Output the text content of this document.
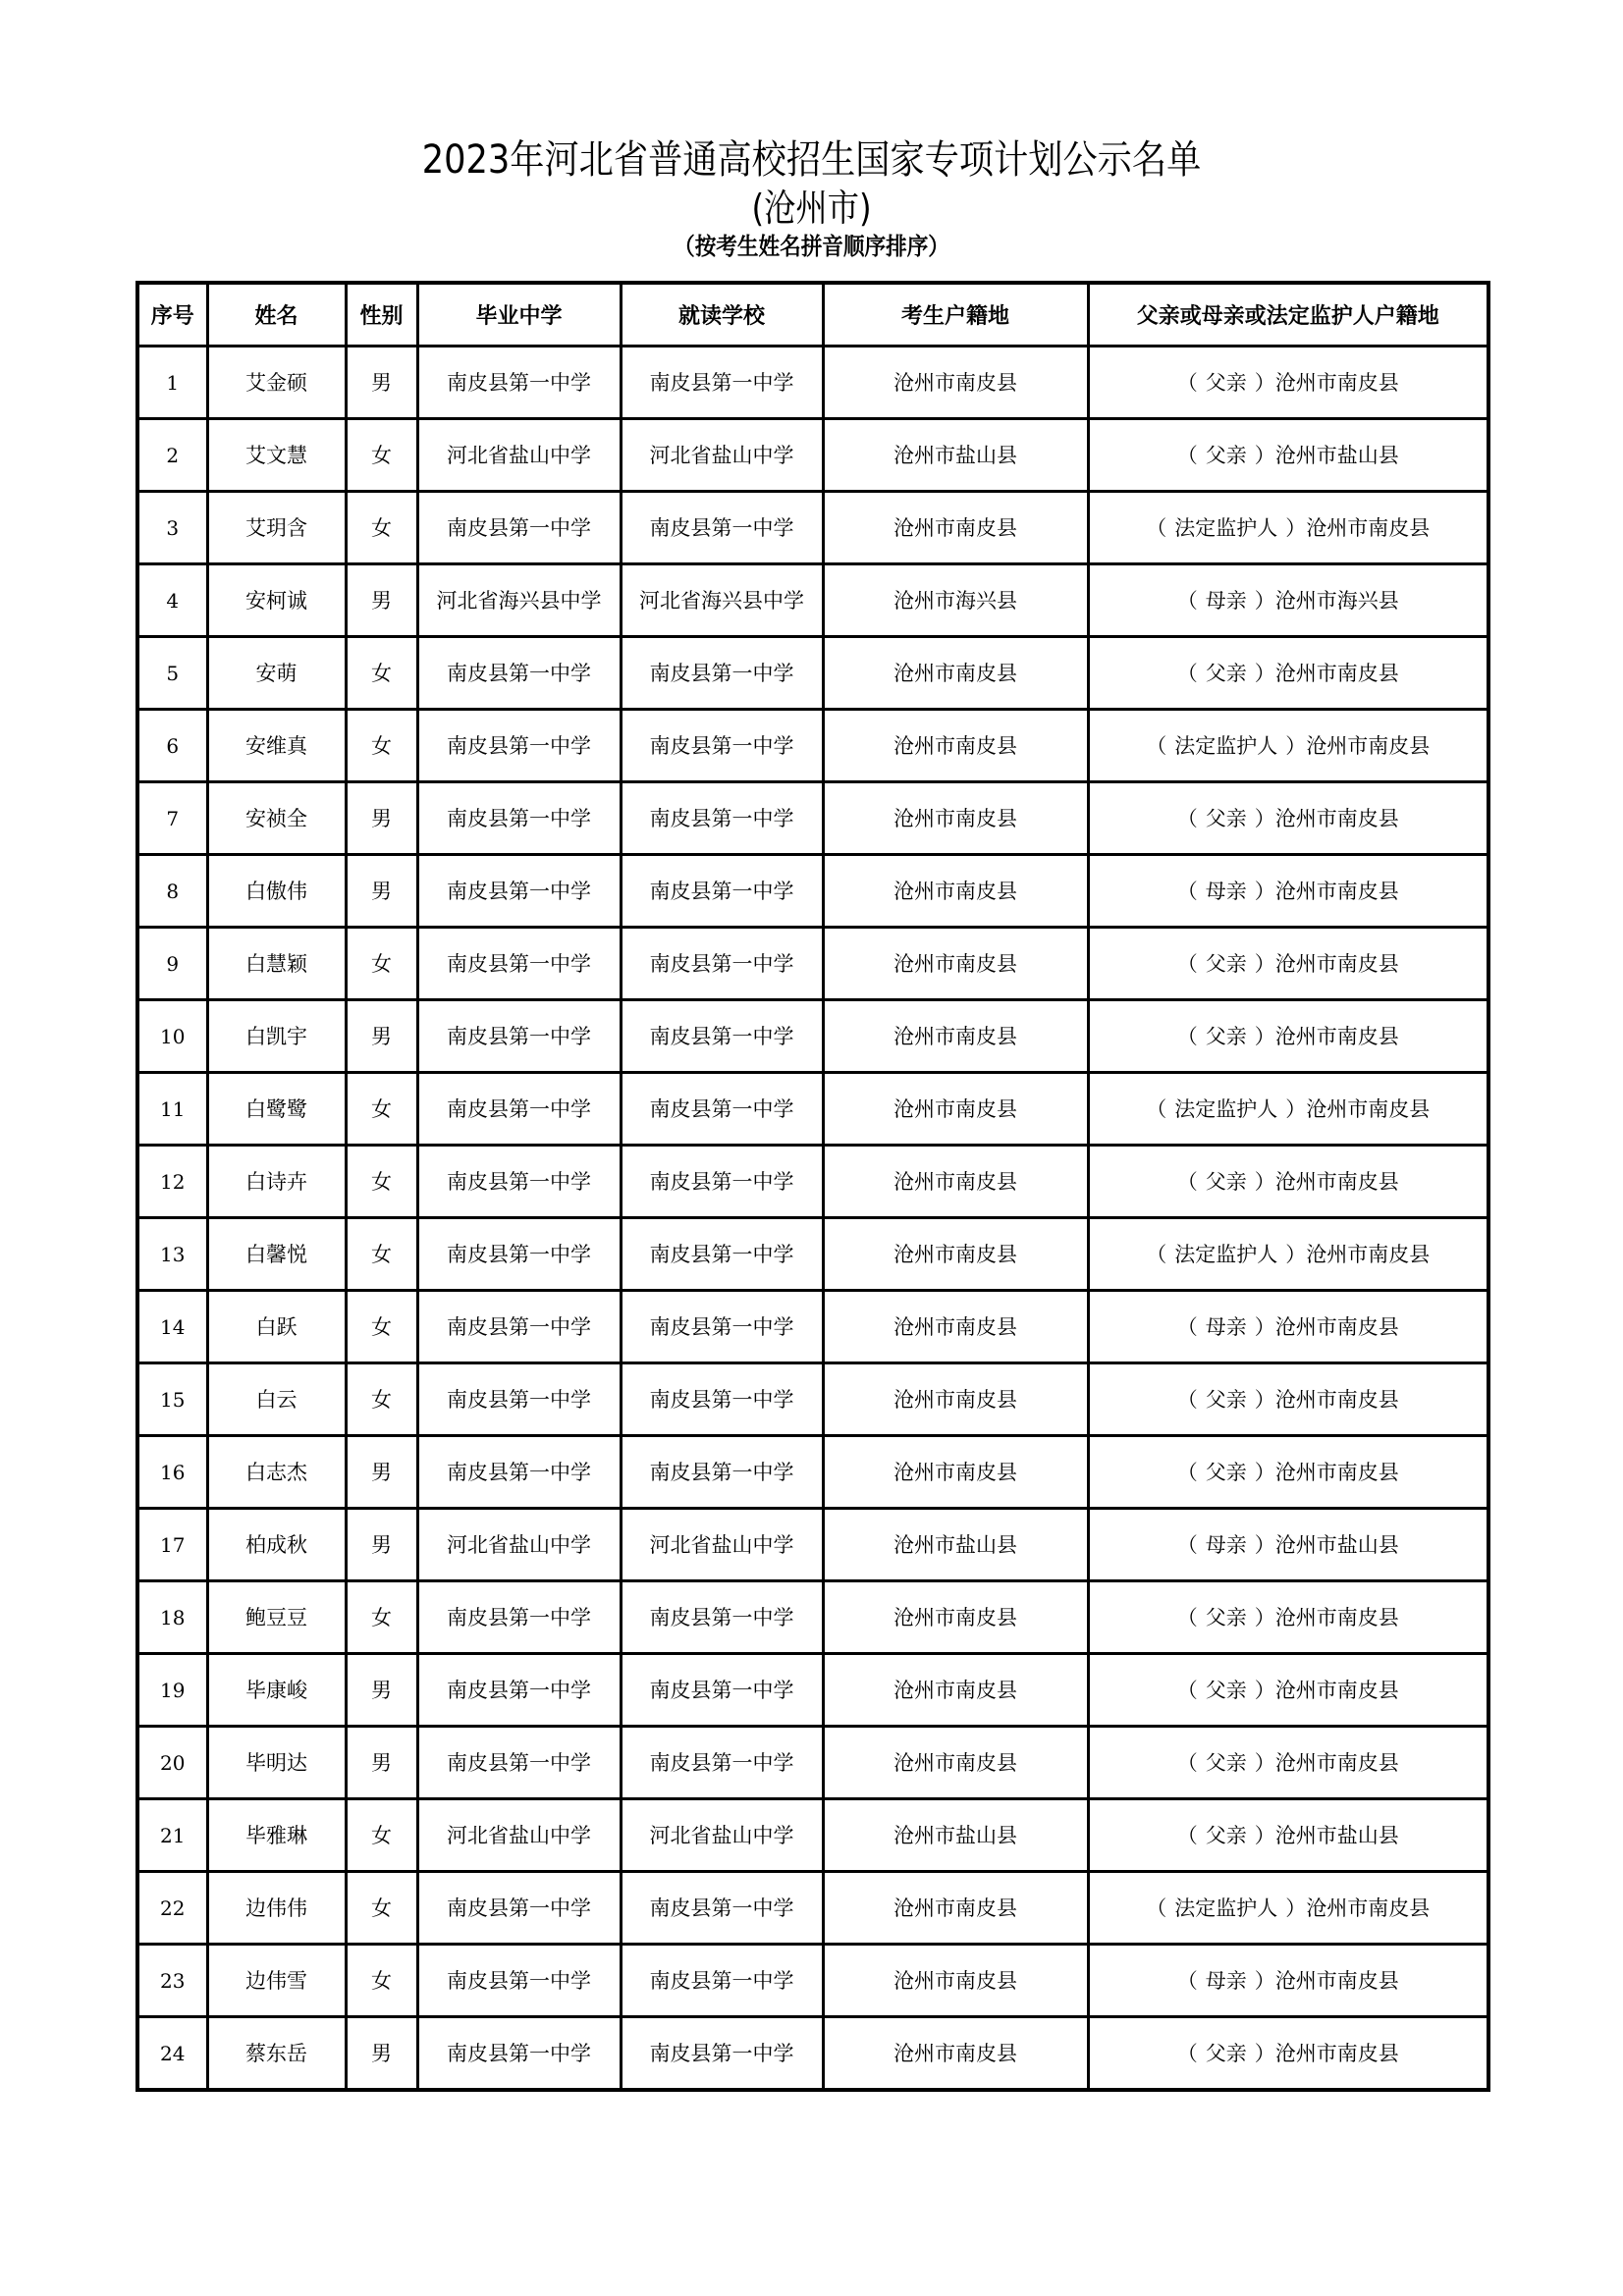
2023年河北省普通高校招生国家专项计划公示名单

(沧州市)

（按考生姓名拼音顺序排序）

序号	姓名	性别	毕业中学	就读学校	考生户籍地	父亲或母亲或法定监护人户籍地
1	艾金硕	男	南皮县第一中学	南皮县第一中学	沧州市南皮县	（ 父亲 ）沧州市南皮县
2	艾文慧	女	河北省盐山中学	河北省盐山中学	沧州市盐山县	（ 父亲 ）沧州市盐山县
3	艾玥含	女	南皮县第一中学	南皮县第一中学	沧州市南皮县	（ 法定监护人 ）沧州市南皮县
4	安柯诚	男	河北省海兴县中学	河北省海兴县中学	沧州市海兴县	（ 母亲 ）沧州市海兴县
5	安萌	女	南皮县第一中学	南皮县第一中学	沧州市南皮县	（ 父亲 ）沧州市南皮县
6	安维真	女	南皮县第一中学	南皮县第一中学	沧州市南皮县	（ 法定监护人 ）沧州市南皮县
7	安祯全	男	南皮县第一中学	南皮县第一中学	沧州市南皮县	（ 父亲 ）沧州市南皮县
8	白傲伟	男	南皮县第一中学	南皮县第一中学	沧州市南皮县	（ 母亲 ）沧州市南皮县
9	白慧颖	女	南皮县第一中学	南皮县第一中学	沧州市南皮县	（ 父亲 ）沧州市南皮县
10	白凯宇	男	南皮县第一中学	南皮县第一中学	沧州市南皮县	（ 父亲 ）沧州市南皮县
11	白鹭鹭	女	南皮县第一中学	南皮县第一中学	沧州市南皮县	（ 法定监护人 ）沧州市南皮县
12	白诗卉	女	南皮县第一中学	南皮县第一中学	沧州市南皮县	（ 父亲 ）沧州市南皮县
13	白馨悦	女	南皮县第一中学	南皮县第一中学	沧州市南皮县	（ 法定监护人 ）沧州市南皮县
14	白跃	女	南皮县第一中学	南皮县第一中学	沧州市南皮县	（ 母亲 ）沧州市南皮县
15	白云	女	南皮县第一中学	南皮县第一中学	沧州市南皮县	（ 父亲 ）沧州市南皮县
16	白志杰	男	南皮县第一中学	南皮县第一中学	沧州市南皮县	（ 父亲 ）沧州市南皮县
17	柏成秋	男	河北省盐山中学	河北省盐山中学	沧州市盐山县	（ 母亲 ）沧州市盐山县
18	鲍豆豆	女	南皮县第一中学	南皮县第一中学	沧州市南皮县	（ 父亲 ）沧州市南皮县
19	毕康峻	男	南皮县第一中学	南皮县第一中学	沧州市南皮县	（ 父亲 ）沧州市南皮县
20	毕明达	男	南皮县第一中学	南皮县第一中学	沧州市南皮县	（ 父亲 ）沧州市南皮县
21	毕雅琳	女	河北省盐山中学	河北省盐山中学	沧州市盐山县	（ 父亲 ）沧州市盐山县
22	边伟伟	女	南皮县第一中学	南皮县第一中学	沧州市南皮县	（ 法定监护人 ）沧州市南皮县
23	边伟雪	女	南皮县第一中学	南皮县第一中学	沧州市南皮县	（ 母亲 ）沧州市南皮县
24	蔡东岳	男	南皮县第一中学	南皮县第一中学	沧州市南皮县	（ 父亲 ）沧州市南皮县
